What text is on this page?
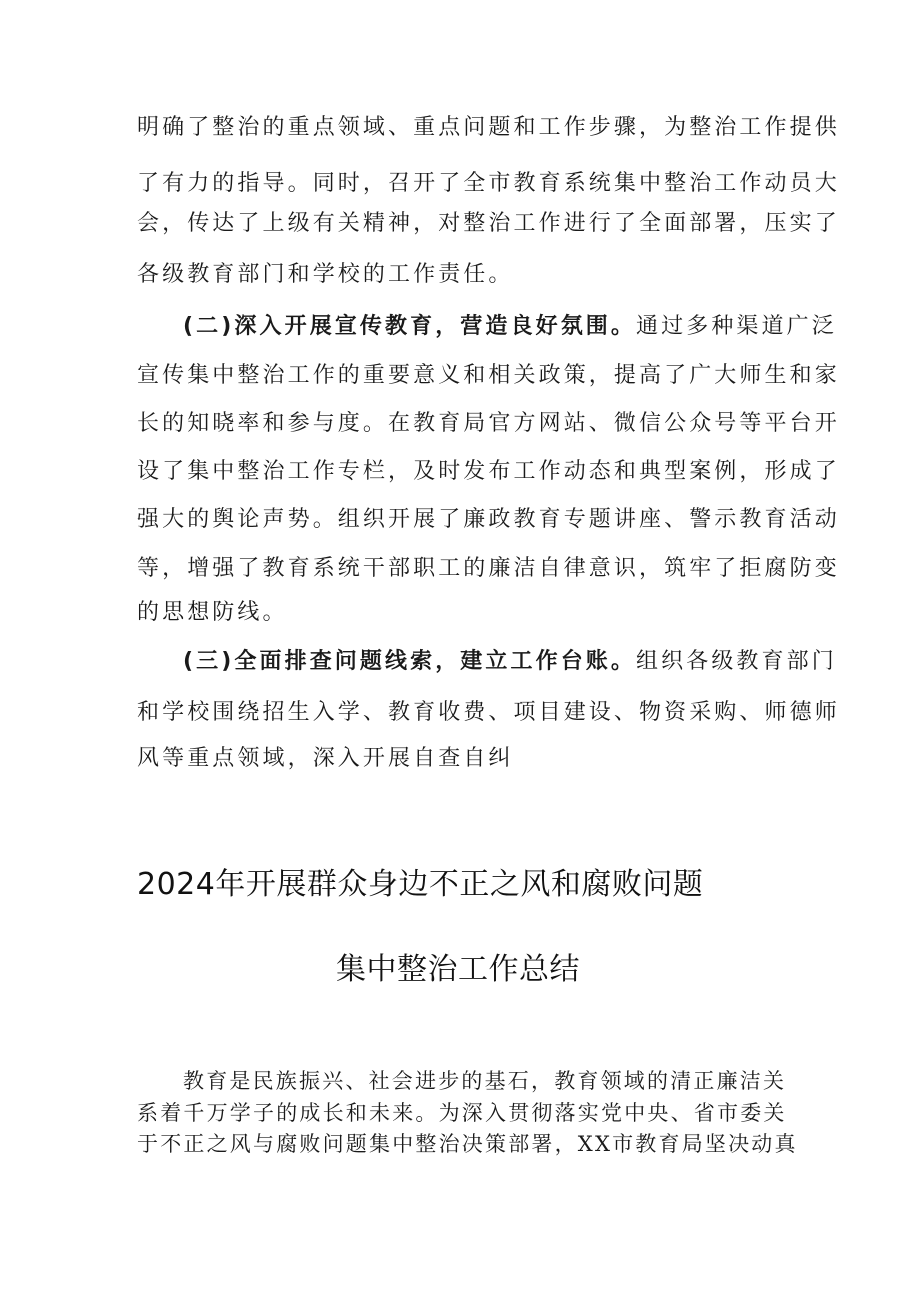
明确了整治的重点领域、重点问题和工作步骤，为整治工作提供
了有力的指导。同时，召开了全市教育系统集中整治工作动员大
会，传达了上级有关精神，对整治工作进行了全面部署，压实了
各级教育部门和学校的工作责任。
(二)深入开展宣传教育，营造良好氛围。通过多种渠道广泛
宣传集中整治工作的重要意义和相关政策，提高了广大师生和家
长的知晓率和参与度。在教育局官方网站、微信公众号等平台开
设了集中整治工作专栏，及时发布工作动态和典型案例，形成了
强大的舆论声势。组织开展了廉政教育专题讲座、警示教育活动
等，增强了教育系统干部职工的廉洁自律意识，筑牢了拒腐防变
的思想防线。
(三)全面排查问题线索，建立工作台账。组织各级教育部门
和学校围绕招生入学、教育收费、项目建设、物资采购、师德师
风等重点领域，深入开展自查自纠
2024年开展群众身边不正之风和腐败问题
集中整治工作总结
教育是民族振兴、社会进步的基石，教育领域的清正廉洁关
系着千万学子的成长和未来。为深入贯彻落实党中央、省市委关
于不正之风与腐败问题集中整治决策部署，XX市教育局坚决动真
